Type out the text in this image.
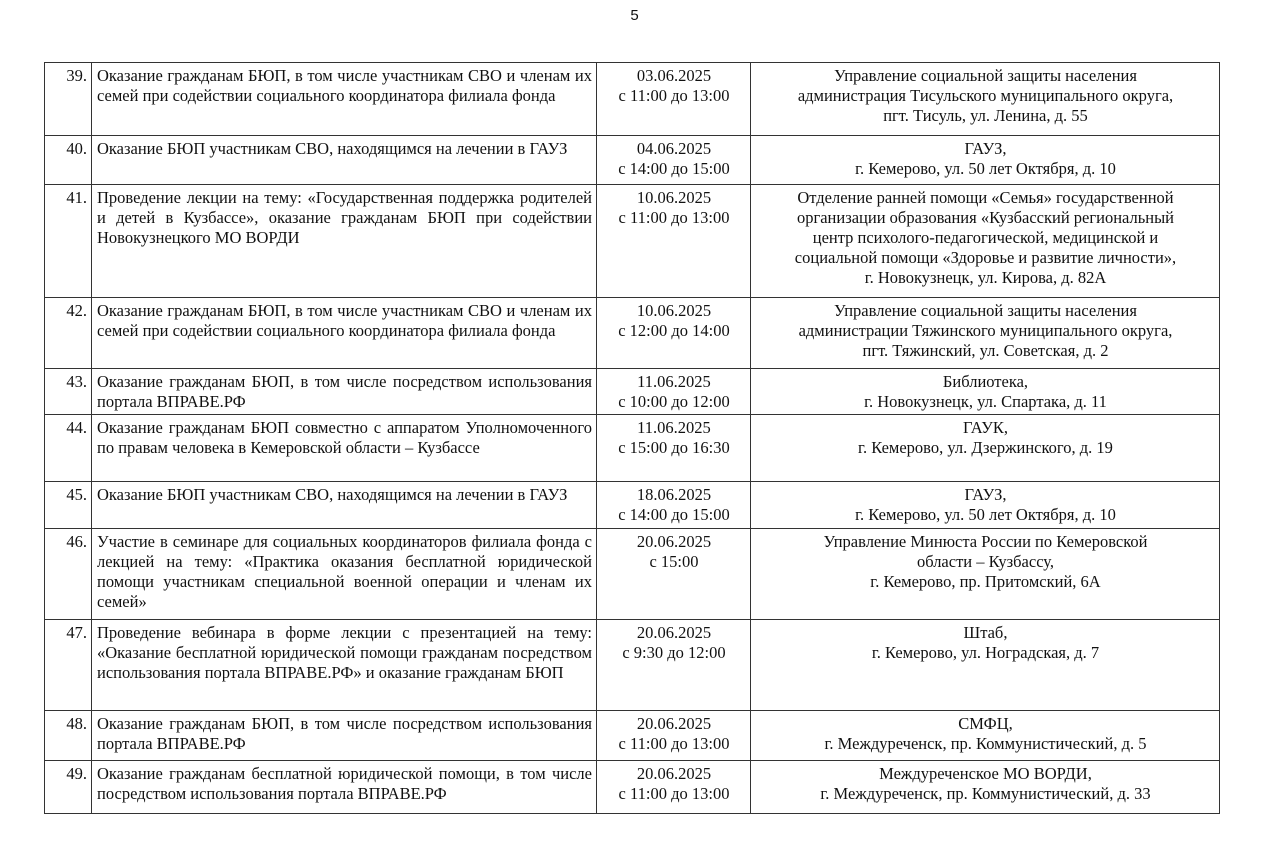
5
39.	Оказание гражданам БЮП, в том числе участникам СВО и членам их семей при содействии социального координатора филиала фонда	03.06.2025
с 11:00 до 13:00	Управление социальной защиты населения
администрация Тисульского муниципального округа,
пгт. Тисуль, ул. Ленина, д. 55

40.	Оказание БЮП участникам СВО, находящимся на лечении в ГАУЗ	04.06.2025
с 14:00 до 15:00	ГАУЗ,
г. Кемерово, ул. 50 лет Октября, д. 10

41.	Проведение лекции на тему: «Государственная поддержка родителей и детей в Кузбассе», оказание гражданам БЮП при содействии Новокузнецкого МО ВОРДИ	10.06.2025
с 11:00 до 13:00	Отделение ранней помощи «Семья» государственной
организации образования «Кузбасский региональный
центр психолого-педагогической, медицинской и
социальной помощи «Здоровье и развитие личности»,
г. Новокузнецк, ул. Кирова, д. 82А

42.	Оказание гражданам БЮП, в том числе участникам СВО и членам их семей при содействии социального координатора филиала фонда	10.06.2025
с 12:00 до 14:00	Управление социальной защиты населения
администрации Тяжинского муниципального округа,
пгт. Тяжинский, ул. Советская, д. 2

43.	Оказание гражданам БЮП, в том числе посредством использования портала ВПРАВЕ.РФ	11.06.2025
с 10:00 до 12:00	Библиотека,
г. Новокузнецк, ул. Спартака, д. 11

44.	Оказание гражданам БЮП совместно с аппаратом Уполномоченного по правам человека в Кемеровской области – Кузбассе	11.06.2025
с 15:00 до 16:30	ГАУК,
г. Кемерово, ул. Дзержинского, д. 19

45.	Оказание БЮП участникам СВО, находящимся на лечении в ГАУЗ	18.06.2025
с 14:00 до 15:00	ГАУЗ,
г. Кемерово, ул. 50 лет Октября, д. 10

46.	Участие в семинаре для социальных координаторов филиала фонда с лекцией на тему: «Практика оказания бесплатной юридической помощи участникам специальной военной операции и членам их семей»	20.06.2025
с 15:00	Управление Минюста России по Кемеровской
области – Кузбассу,
г. Кемерово, пр. Притомский, 6А

47.	Проведение вебинара в форме лекции с презентацией на тему: «Оказание бесплатной юридической помощи гражданам посредством использования портала ВПРАВЕ.РФ» и оказание гражданам БЮП	20.06.2025
с 9:30 до 12:00	Штаб,
г. Кемерово, ул. Ноградская, д. 7

48.	Оказание гражданам БЮП, в том числе посредством использования портала ВПРАВЕ.РФ	20.06.2025
с 11:00 до 13:00	СМФЦ,
г. Междуреченск, пр. Коммунистический, д. 5

49.	Оказание гражданам бесплатной юридической помощи, в том числе посредством использования портала ВПРАВЕ.РФ	20.06.2025
с 11:00 до 13:00	Междуреченское МО ВОРДИ,
г. Междуреченск, пр. Коммунистический, д. 33
